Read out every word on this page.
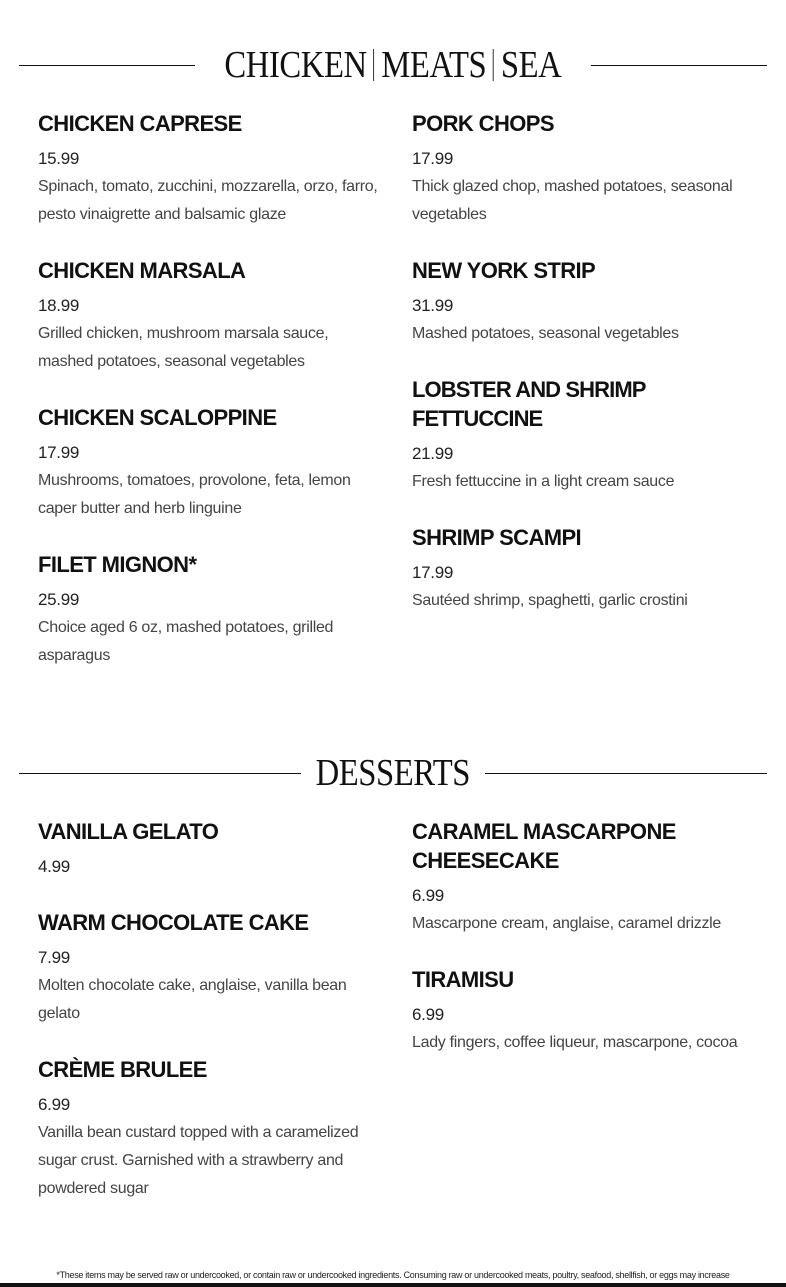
CHICKEN MEATS SEA
CHICKEN CAPRESE
15.99
Spinach, tomato, zucchini, mozzarella, orzo, farro, pesto vinaigrette and balsamic glaze
CHICKEN MARSALA
18.99
Grilled chicken, mushroom marsala sauce, mashed potatoes, seasonal vegetables
CHICKEN SCALOPPINE
17.99
Mushrooms, tomatoes, provolone, feta, lemon caper butter and herb linguine
FILET MIGNON*
25.99
Choice aged 6 oz, mashed potatoes, grilled asparagus
PORK CHOPS
17.99
Thick glazed chop, mashed potatoes, seasonal vegetables
NEW YORK STRIP
31.99
Mashed potatoes, seasonal vegetables
LOBSTER AND SHRIMP FETTUCCINE
21.99
Fresh fettuccine in a light cream sauce
SHRIMP SCAMPI
17.99
Sautéed shrimp, spaghetti, garlic crostini
DESSERTS
VANILLA GELATO
4.99
WARM CHOCOLATE CAKE
7.99
Molten chocolate cake, anglaise, vanilla bean gelato
CRÈME BRULEE
6.99
Vanilla bean custard topped with a caramelized sugar crust. Garnished with a strawberry and powdered sugar
CARAMEL MASCARPONE CHEESECAKE
6.99
Mascarpone cream, anglaise, caramel drizzle
TIRAMISU
6.99
Lady fingers, coffee liqueur, mascarpone, cocoa
*These items may be served raw or undercooked, or contain raw or undercooked ingredients. Consuming raw or undercooked meats, poultry, seafood, shellfish, or eggs may increase
